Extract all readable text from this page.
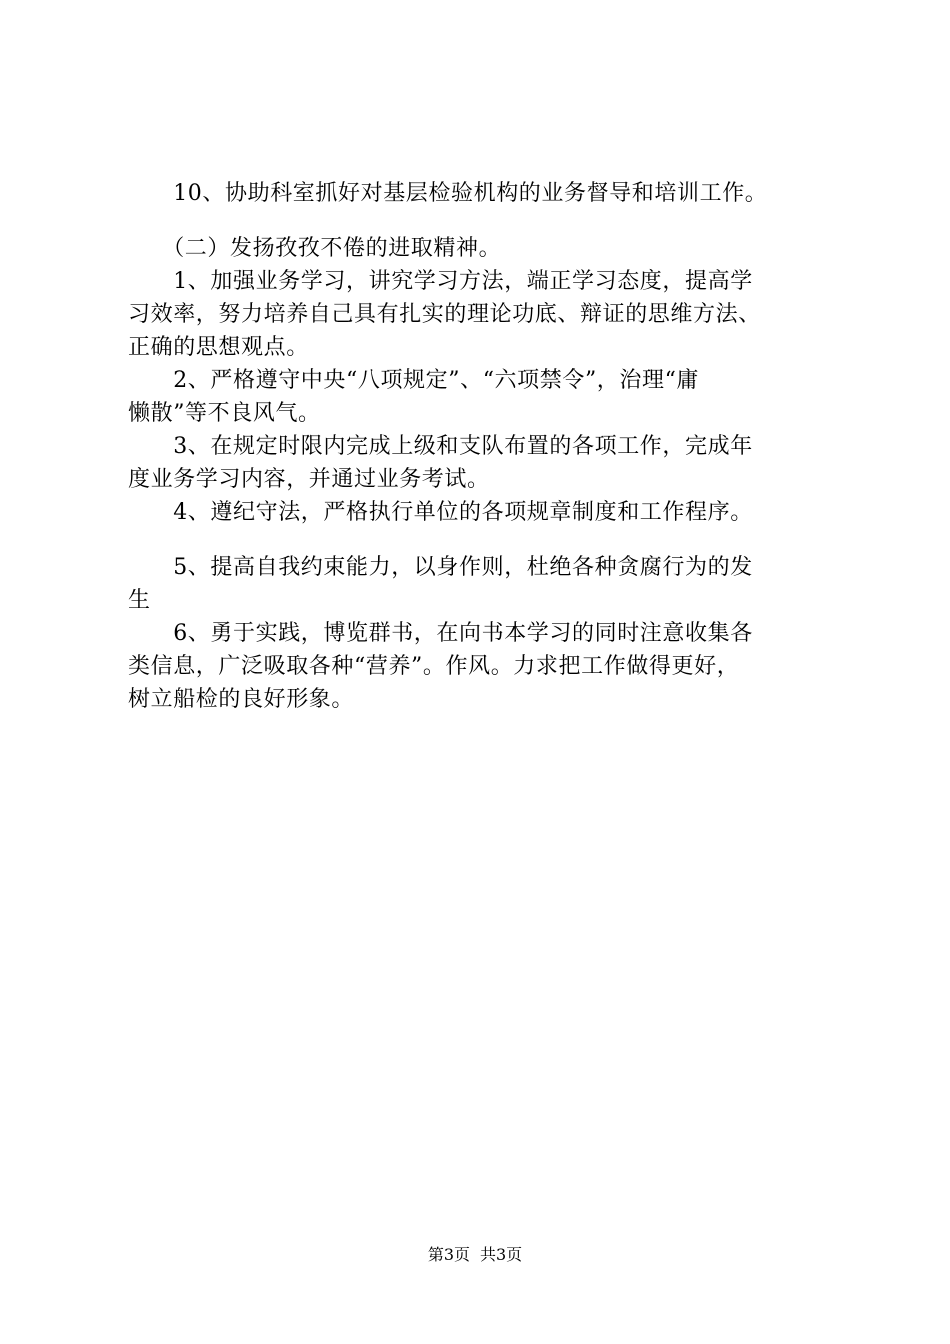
　　10、协助科室抓好对基层检验机构的业务督导和培训工作。
　　（二）发扬孜孜不倦的进取精神。
　　1、加强业务学习，讲究学习方法，端正学习态度，提高学
习效率，努力培养自己具有扎实的理论功底、辩证的思维方法、
正确的思想观点。
　　2、严格遵守中央“八项规定”、“六项禁令”，治理“庸
懒散”等不良风气。
　　3、在规定时限内完成上级和支队布置的各项工作，完成年
度业务学习内容，并通过业务考试。
　　4、遵纪守法，严格执行单位的各项规章制度和工作程序。
　　5、提高自我约束能力，以身作则，杜绝各种贪腐行为的发
生
　　6、勇于实践，博览群书，在向书本学习的同时注意收集各
类信息，广泛吸取各种“营养”。作风。力求把工作做得更好，
树立船检的良好形象。
第3页 共3页
